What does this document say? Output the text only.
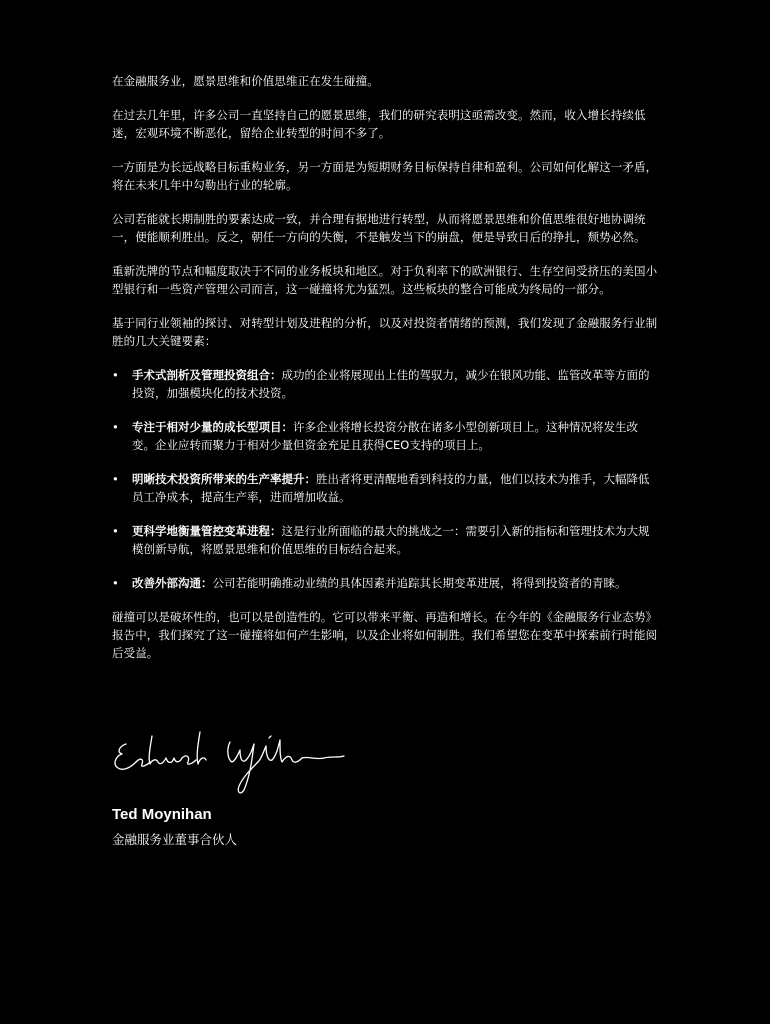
在金融服务业，愿景思维和价值思维正在发生碰撞。

在过去几年里，许多公司一直坚持自己的愿景思维，我们的研究表明这亟需改变。然而，收入增长持续低迷，宏观环境不断恶化，留给企业转型的时间不多了。

一方面是为长远战略目标重构业务，另一方面是为短期财务目标保持自律和盈利。公司如何化解这一矛盾，将在未来几年中勾勒出行业的轮廓。

公司若能就长期制胜的要素达成一致，并合理有据地进行转型，从而将愿景思维和价值思维很好地协调统一，便能顺利胜出。反之，朝任一方向的失衡，不是触发当下的崩盘，便是导致日后的挣扎，颓势必然。

重新洗牌的节点和幅度取决于不同的业务板块和地区。对于负利率下的欧洲银行、生存空间受挤压的美国小型银行和一些资产管理公司而言，这一碰撞将尤为猛烈。这些板块的整合可能成为终局的一部分。

基于同行业领袖的探讨、对转型计划及进程的分析，以及对投资者情绪的预测，我们发现了金融服务行业制胜的几大关键要素：

• 手术式剖析及管理投资组合：成功的企业将展现出上佳的驾驭力，减少在银风功能、监管改革等方面的投资，加强模块化的技术投资。
• 专注于相对少量的成长型项目：许多企业将增长投资分散在诸多小型创新项目上。这种情况将发生改变。企业应转而聚力于相对少量但资金充足且获得CEO支持的项目上。
• 明晰技术投资所带来的生产率提升：胜出者将更清醒地看到科技的力量，他们以技术为推手，大幅降低员工净成本，提高生产率，进而增加收益。
• 更科学地衡量管控变革进程：这是行业所面临的最大的挑战之一：需要引入新的指标和管理技术为大规模创新导航，将愿景思维和价值思维的目标结合起来。
• 改善外部沟通：公司若能明确推动业绩的具体因素并追踪其长期变革进展，将得到投资者的青睐。

碰撞可以是破坏性的，也可以是创造性的。它可以带来平衡、再造和增长。在今年的《金融服务行业态势》报告中，我们探究了这一碰撞将如何产生影响，以及企业将如何制胜。我们希望您在变革中探索前行时能阅后受益。

Ted Moynihan
金融服务业董事合伙人
